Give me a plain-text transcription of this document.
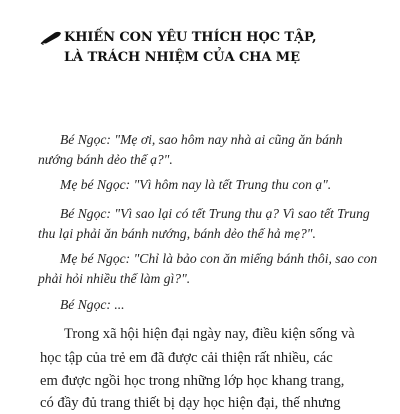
KHIẾN CON YÊU THÍCH HỌC TẬP,
LÀ TRÁCH NHIỆM CỦA CHA MẸ
Bé Ngọc: "Mẹ ơi, sao hôm nay nhà ai cũng ăn bánh
nướng bánh dẻo thế ạ?".
Mẹ bé Ngọc: "Vì hôm nay là tết Trung thu con ạ".
Bé Ngọc: "Vì sao lại có tết Trung thu ạ? Vì sao tết Trung
thu lại phải ăn bánh nướng, bánh dẻo thế hả mẹ?".
Mẹ bé Ngọc: "Chỉ là bảo con ăn miếng bánh thôi, sao con
phải hỏi nhiều thế làm gì?".
Bé Ngọc: ...
Trong xã hội hiện đại ngày nay, điều kiện sống và
học tập của trẻ em đã được cải thiện rất nhiều, các
em được ngồi học trong những lớp học khang trang,
có đầy đủ trang thiết bị dạy học hiện đại, thế nhưng
